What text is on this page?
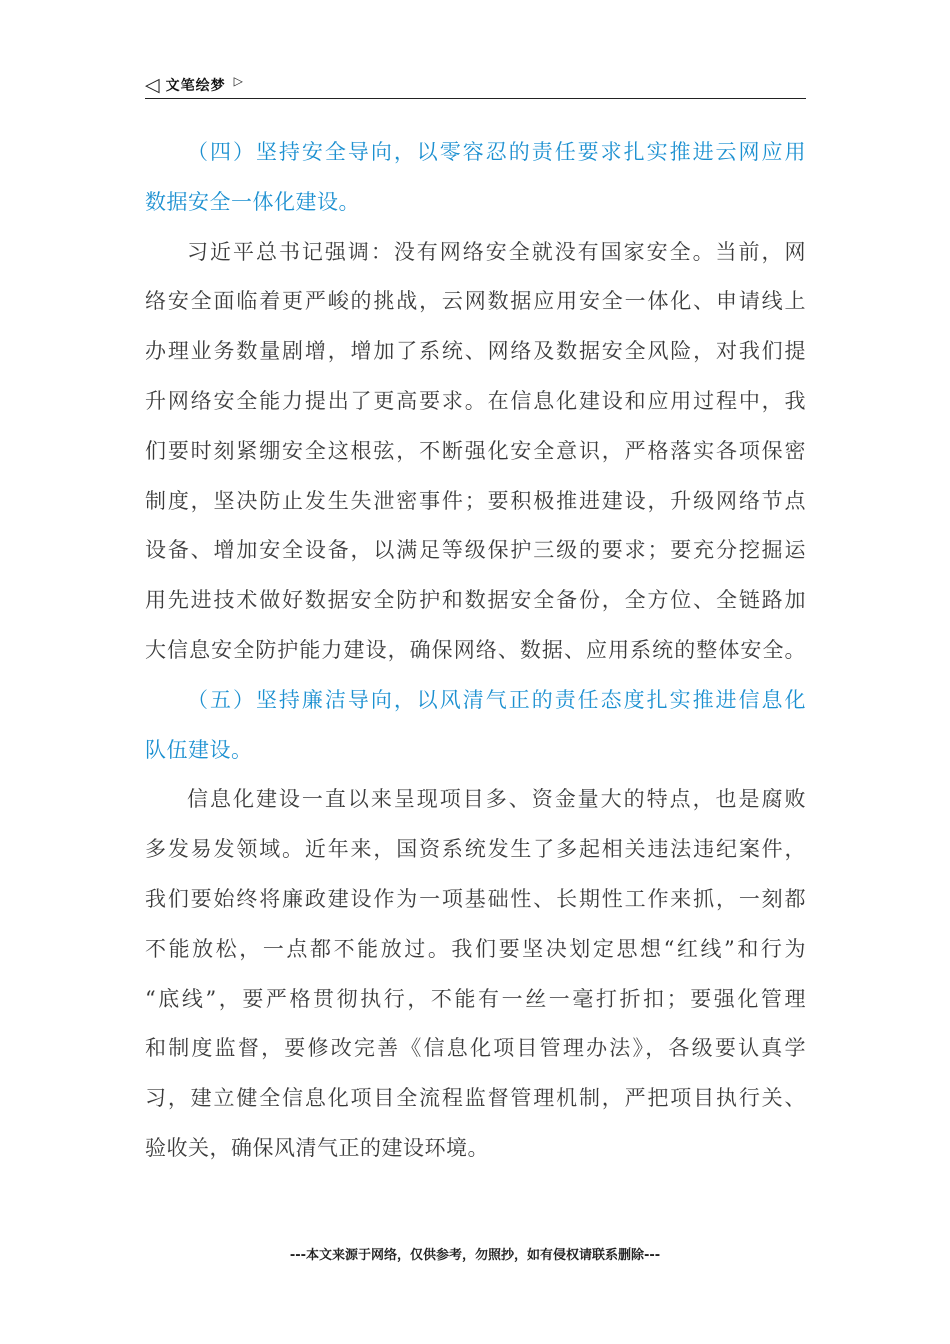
◁ 文笔绘梦 ▷
（四）坚持安全导向，以零容忍的责任要求扎实推进云网应用
数据安全一体化建设。
习近平总书记强调：没有网络安全就没有国家安全。当前，网
络安全面临着更严峻的挑战，云网数据应用安全一体化、申请线上
办理业务数量剧增，增加了系统、网络及数据安全风险，对我们提
升网络安全能力提出了更高要求。在信息化建设和应用过程中，我
们要时刻紧绷安全这根弦，不断强化安全意识，严格落实各项保密
制度，坚决防止发生失泄密事件；要积极推进建设，升级网络节点
设备、增加安全设备，以满足等级保护三级的要求；要充分挖掘运
用先进技术做好数据安全防护和数据安全备份，全方位、全链路加
大信息安全防护能力建设，确保网络、数据、应用系统的整体安全。
（五）坚持廉洁导向，以风清气正的责任态度扎实推进信息化
队伍建设。
信息化建设一直以来呈现项目多、资金量大的特点，也是腐败
多发易发领域。近年来，国资系统发生了多起相关违法违纪案件，
我们要始终将廉政建设作为一项基础性、长期性工作来抓，一刻都
不能放松，一点都不能放过。我们要坚决划定思想“红线”和行为
“底线”，要严格贯彻执行，不能有一丝一毫打折扣；要强化管理
和制度监督，要修改完善《信息化项目管理办法》，各级要认真学
习，建立健全信息化项目全流程监督管理机制，严把项目执行关、
验收关，确保风清气正的建设环境。
---本文来源于网络，仅供参考，勿照抄，如有侵权请联系删除---
